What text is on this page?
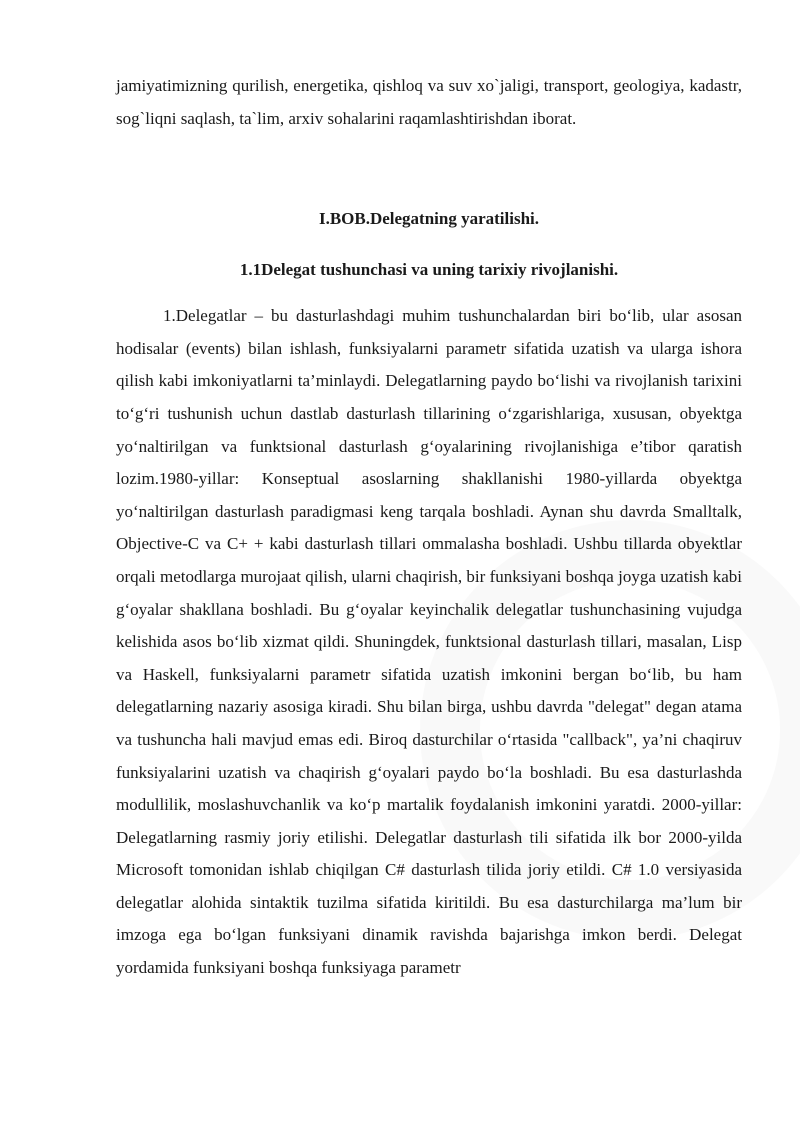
jamiyatimizning qurilish, energetika, qishloq va suv xo`jaligi, transport, geologiya, kadastr, sog`liqni saqlash, ta`lim, arxiv sohalarini raqamlashtirishdan iborat.

I.BOB.Delegatning yaratilishi.
1.1Delegat tushunchasi va uning tarixiy rivojlanishi.

1.Delegatlar – bu dasturlashdagi muhim tushunchalardan biri boʻlib, ular asosan hodisalar (events) bilan ishlash, funksiyalarni parametr sifatida uzatish va ularga ishora qilish kabi imkoniyatlarni ta’minlaydi. Delegatlarning paydo boʻlishi va rivojlanish tarixini toʻgʻri tushunish uchun dastlab dasturlash tillarining oʻzgarishlariga, xususan, obyektga yoʻnaltirilgan va funktsional dasturlash gʻoyalarining rivojlanishiga e’tibor qaratish lozim.1980-yillar: Konseptual asoslarning shakllanishi 1980-yillarda obyektga yoʻnaltirilgan dasturlash paradigmasi keng tarqala boshladi. Aynan shu davrda Smalltalk, Objective-C va C+ + kabi dasturlash tillari ommalasha boshladi. Ushbu tillarda obyektlar orqali metodlarga murojaat qilish, ularni chaqirish, bir funksiyani boshqa joyga uzatish kabi gʻoyalar shakllana boshladi. Bu gʻoyalar keyinchalik delegatlar tushunchasining vujudga kelishida asos boʻlib xizmat qildi. Shuningdek, funktsional dasturlash tillari, masalan, Lisp va Haskell, funksiyalarni parametr sifatida uzatish imkonini bergan boʻlib, bu ham delegatlarning nazariy asosiga kiradi. Shu bilan birga, ushbu davrda "delegat" degan atama va tushuncha hali mavjud emas edi. Biroq dasturchilar oʻrtasida "callback", ya’ni chaqiruv funksiyalarini uzatish va chaqirish gʻoyalari paydo boʻla boshladi. Bu esa dasturlashda modullilik, moslashuvchanlik va koʻp martalik foydalanish imkonini yaratdi. 2000-yillar: Delegatlarning rasmiy joriy etilishi. Delegatlar dasturlash tili sifatida ilk bor 2000-yilda Microsoft tomonidan ishlab chiqilgan C# dasturlash tilida joriy etildi. C# 1.0 versiyasida delegatlar alohida sintaktik tuzilma sifatida kiritildi. Bu esa dasturchilarga ma’lum bir imzoga ega boʻlgan funksiyani dinamik ravishda bajarishga imkon berdi. Delegat yordamida funksiyani boshqa funksiyaga parametr
